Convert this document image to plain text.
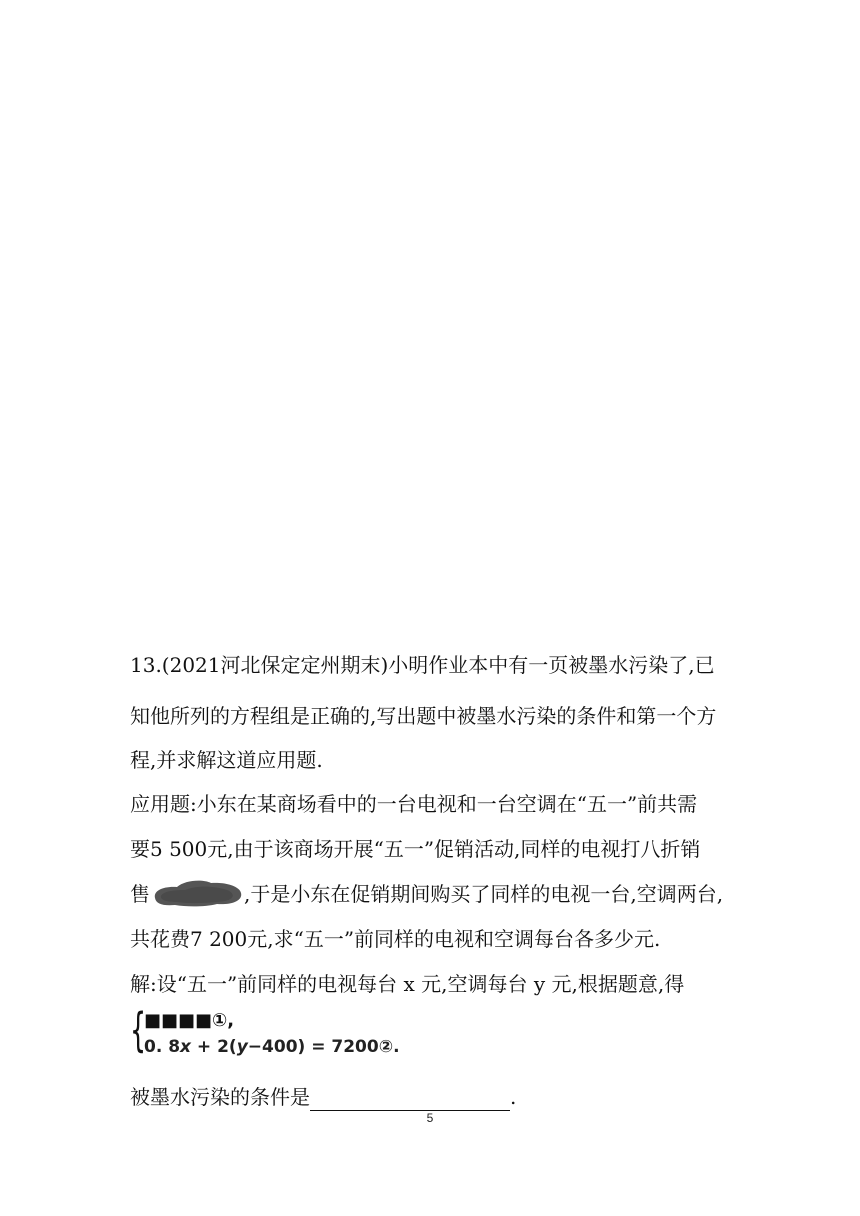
13.(2021河北保定定州期末)小明作业本中有一页被墨水污染了,已
知他所列的方程组是正确的,写出题中被墨水污染的条件和第一个方
程,并求解这道应用题.
应用题:小东在某商场看中的一台电视和一台空调在“五一”前共需
要5 500元,由于该商场开展“五一”促销活动,同样的电视打八折销
售	,于是小东在促销期间购买了同样的电视一台,空调两台,
共花费7 200元,求“五一”前同样的电视和空调每台各多少元.
解:设“五一”前同样的电视每台 x 元,空调每台 y 元,根据题意,得
{
■■■■①,
0. 8x + 2(y−400) = 7200②.
被墨水污染的条件是	.
5
